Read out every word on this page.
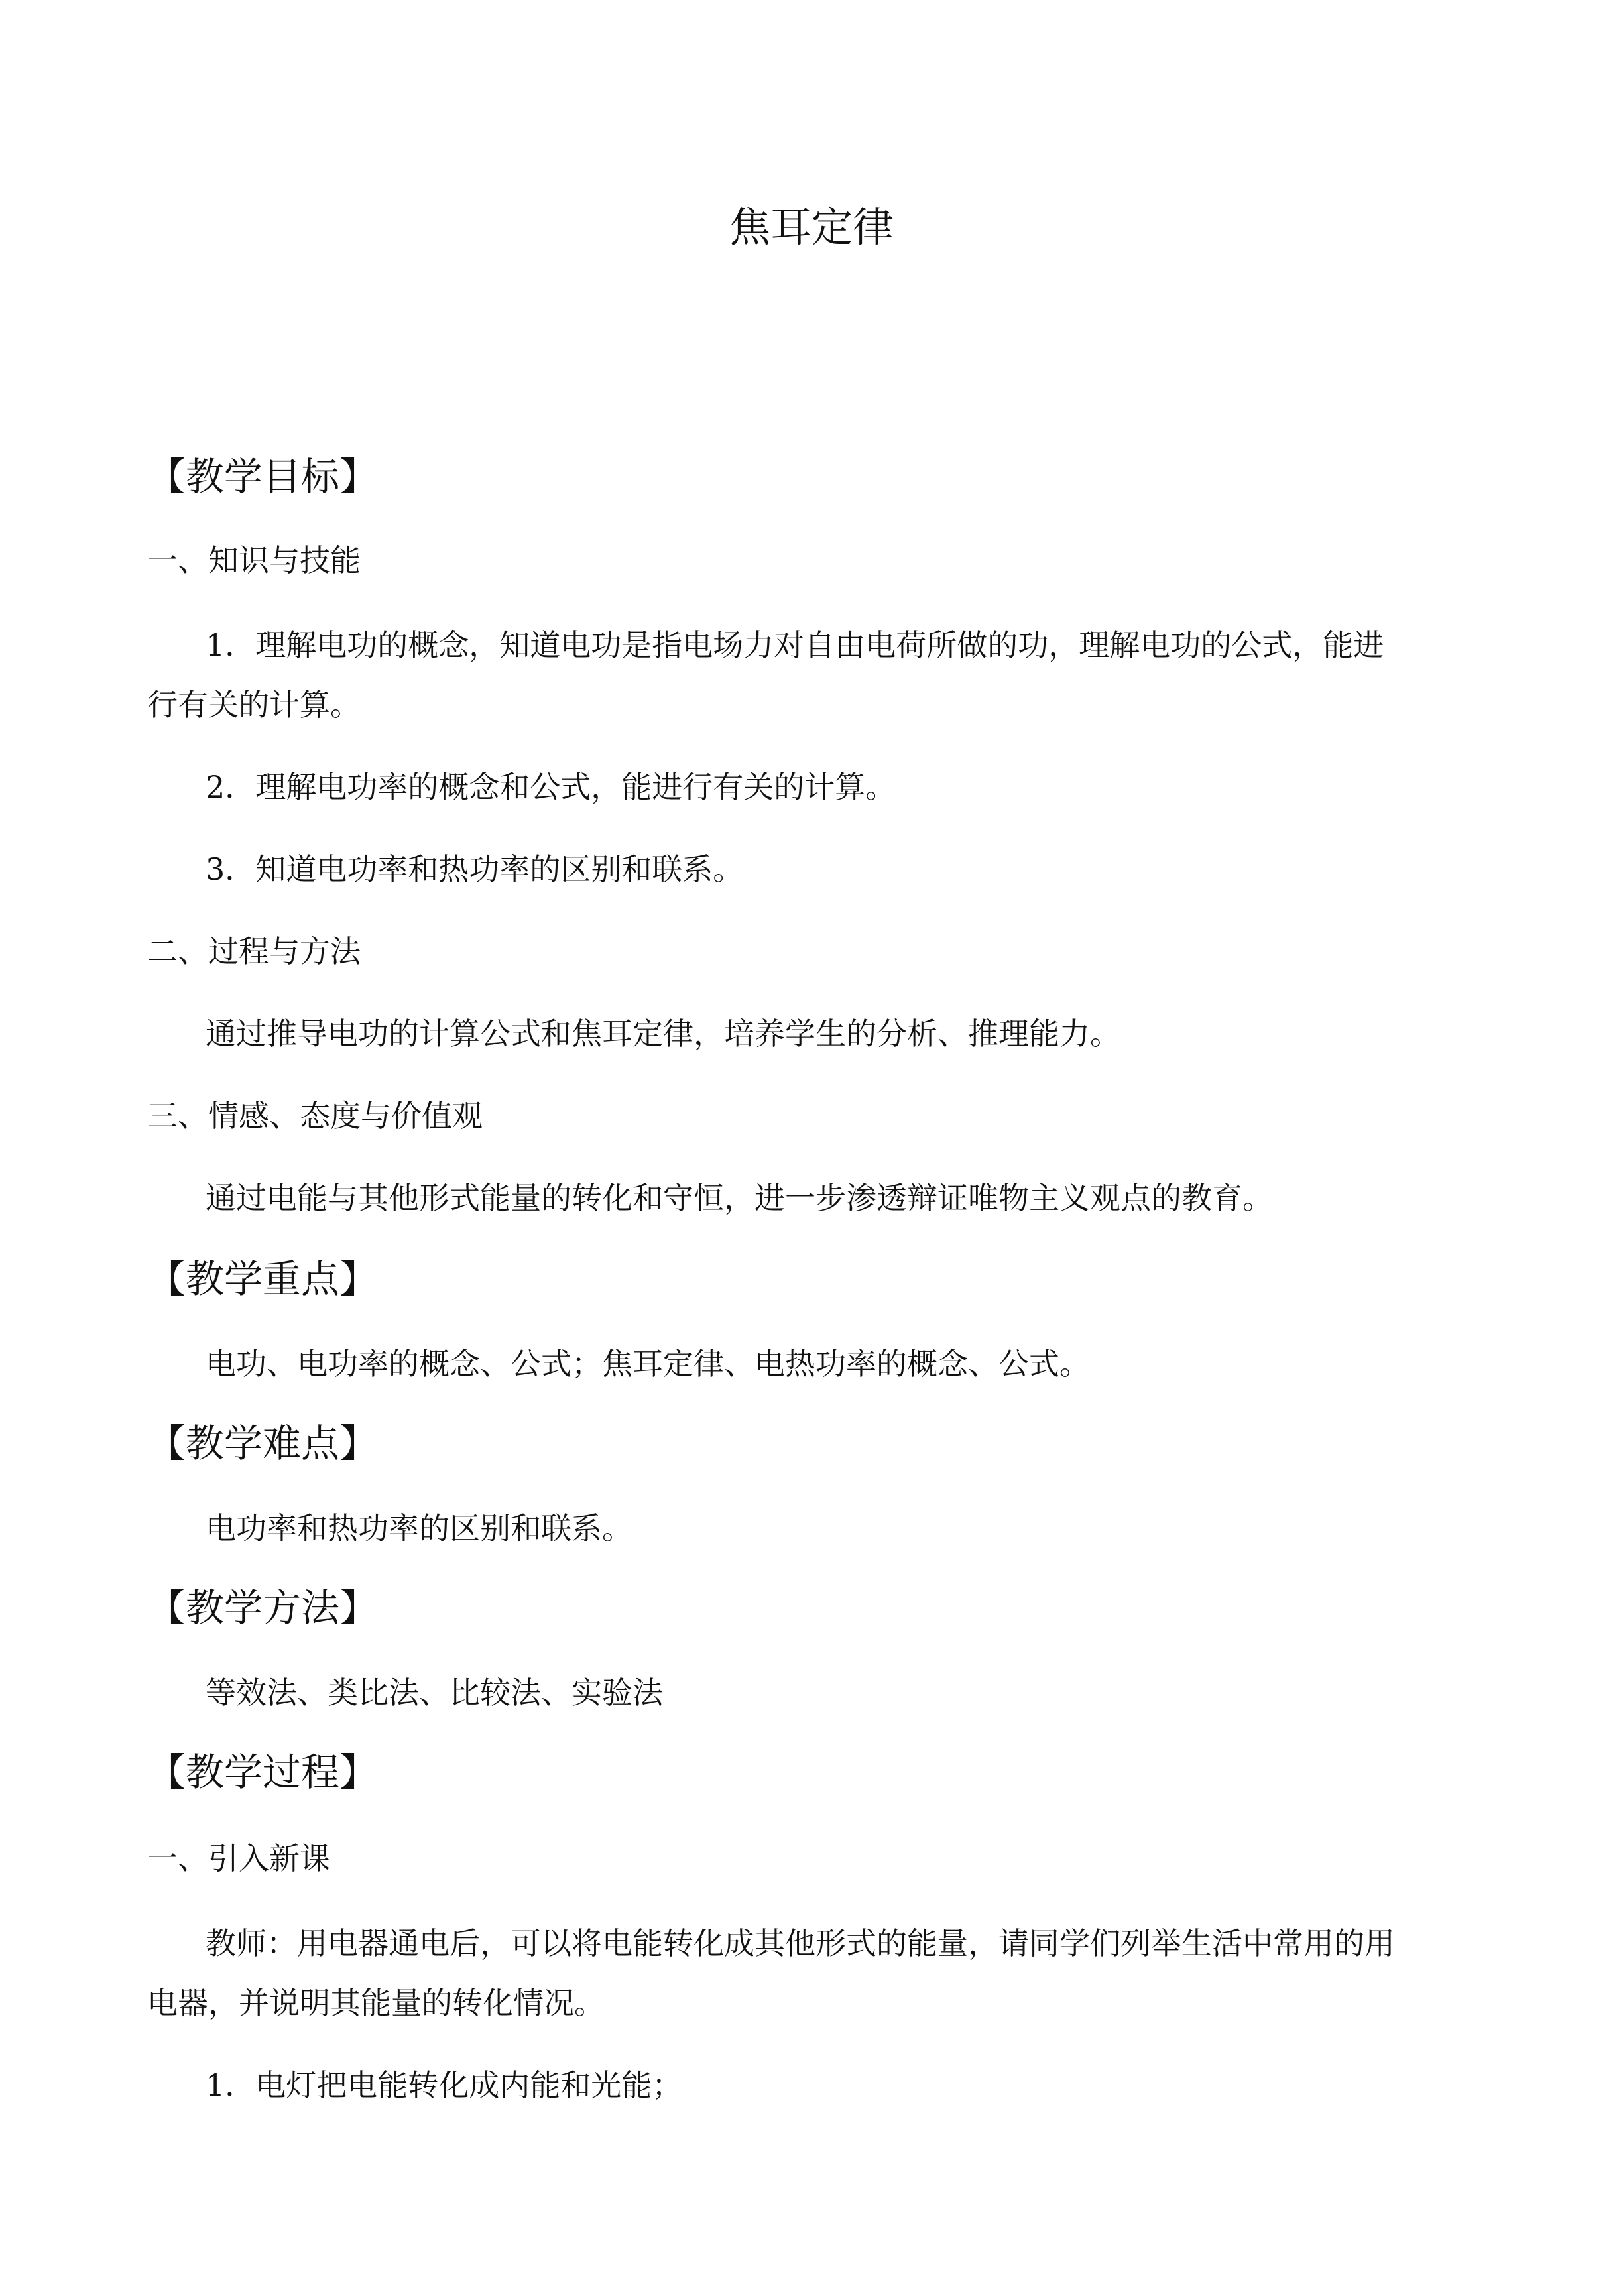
焦耳定律
【教学目标】
一、知识与技能
1．理解电功的概念，知道电功是指电场力对自由电荷所做的功，理解电功的公式，能进
行有关的计算。
2．理解电功率的概念和公式，能进行有关的计算。
3．知道电功率和热功率的区别和联系。
二、过程与方法
通过推导电功的计算公式和焦耳定律，培养学生的分析、推理能力。
三、情感、态度与价值观
通过电能与其他形式能量的转化和守恒，进一步渗透辩证唯物主义观点的教育。
【教学重点】
电功、电功率的概念、公式；焦耳定律、电热功率的概念、公式。
【教学难点】
电功率和热功率的区别和联系。
【教学方法】
等效法、类比法、比较法、实验法
【教学过程】
一、引入新课
教师：用电器通电后，可以将电能转化成其他形式的能量，请同学们列举生活中常用的用
电器，并说明其能量的转化情况。
1．电灯把电能转化成内能和光能；
